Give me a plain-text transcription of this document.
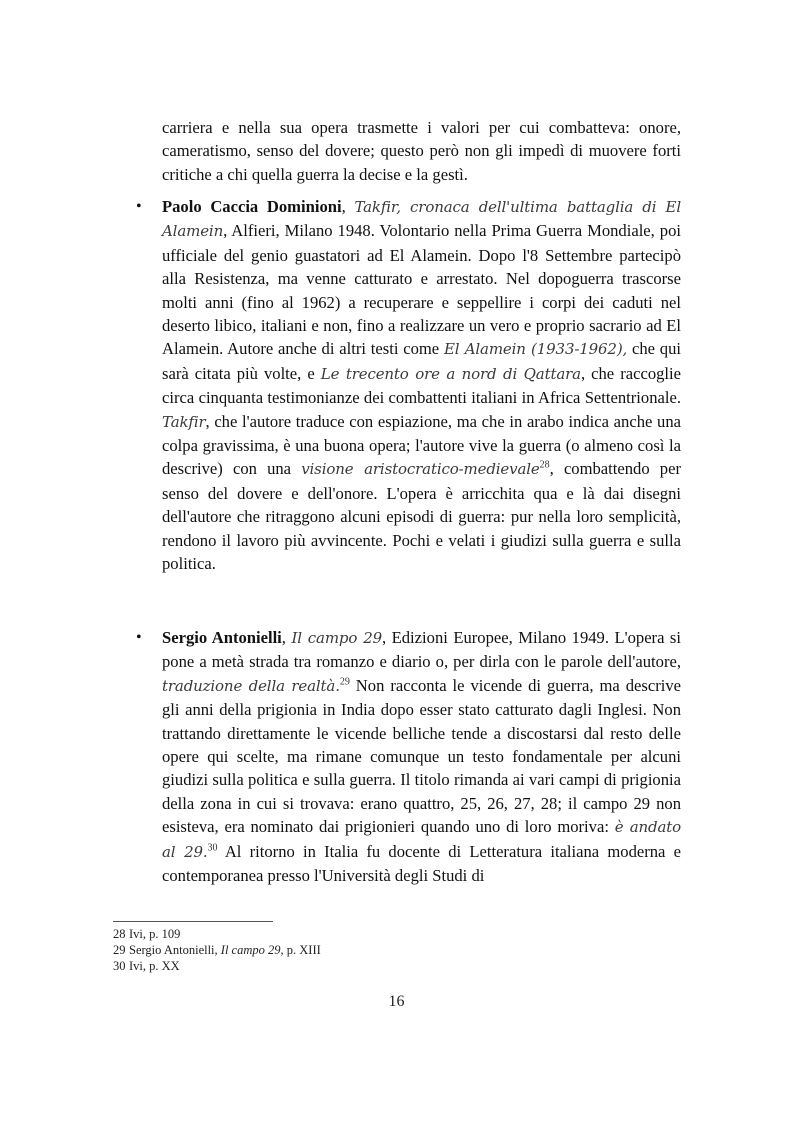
carriera e nella sua opera trasmette i valori per cui combatteva: onore, cameratismo, senso del dovere; questo però non gli impedì di muovere forti critiche a chi quella guerra la decise e la gestì.

• Paolo Caccia Dominioni, Takfir, cronaca dell'ultima battaglia di El Alamein, Alfieri, Milano 1948. Volontario nella Prima Guerra Mondiale, poi ufficiale del genio guastatori ad El Alamein. Dopo l'8 Settembre partecipò alla Resistenza, ma venne catturato e arrestato. Nel dopoguerra trascorse molti anni (fino al 1962) a recuperare e seppellire i corpi dei caduti nel deserto libico, italiani e non, fino a realizzare un vero e proprio sacrario ad El Alamein. Autore anche di altri testi come El Alamein (1933-1962), che qui sarà citata più volte, e Le trecento ore a nord di Qattara, che raccoglie circa cinquanta testimonianze dei combattenti italiani in Africa Settentrionale. Takfir, che l'autore traduce con espiazione, ma che in arabo indica anche una colpa gravissima, è una buona opera; l'autore vive la guerra (o almeno così la descrive) con una visione aristocratico-medievale$^{28}$, combattendo per senso del dovere e dell'onore. L'opera è arricchita qua e là dai disegni dell'autore che ritraggono alcuni episodi di guerra: pur nella loro semplicità, rendono il lavoro più avvincente. Pochi e velati i giudizi sulla guerra e sulla politica.
• Sergio Antonielli, Il campo 29, Edizioni Europee, Milano 1949. L'opera si pone a metà strada tra romanzo e diario o, per dirla con le parole dell'autore, traduzione della realtà.$^{29}$ Non racconta le vicende di guerra, ma descrive gli anni della prigionia in India dopo esser stato catturato dagli Inglesi. Non trattando direttamente le vicende belliche tende a discostarsi dal resto delle opere qui scelte, ma rimane comunque un testo fondamentale per alcuni giudizi sulla politica e sulla guerra. Il titolo rimanda ai vari campi di prigionia della zona in cui si trovava: erano quattro, 25, 26, 27, 28; il campo 29 non esisteva, era nominato dai prigionieri quando uno di loro moriva: è andato al 29.30 Al ritorno in Italia fu docente di Letteratura italiana moderna e contemporanea presso l'Università degli Studi di
28 Ivi, p. 109
29 Sergio Antonielli, Il campo 29, p. XIII
30 Ivi, p. XX
16
